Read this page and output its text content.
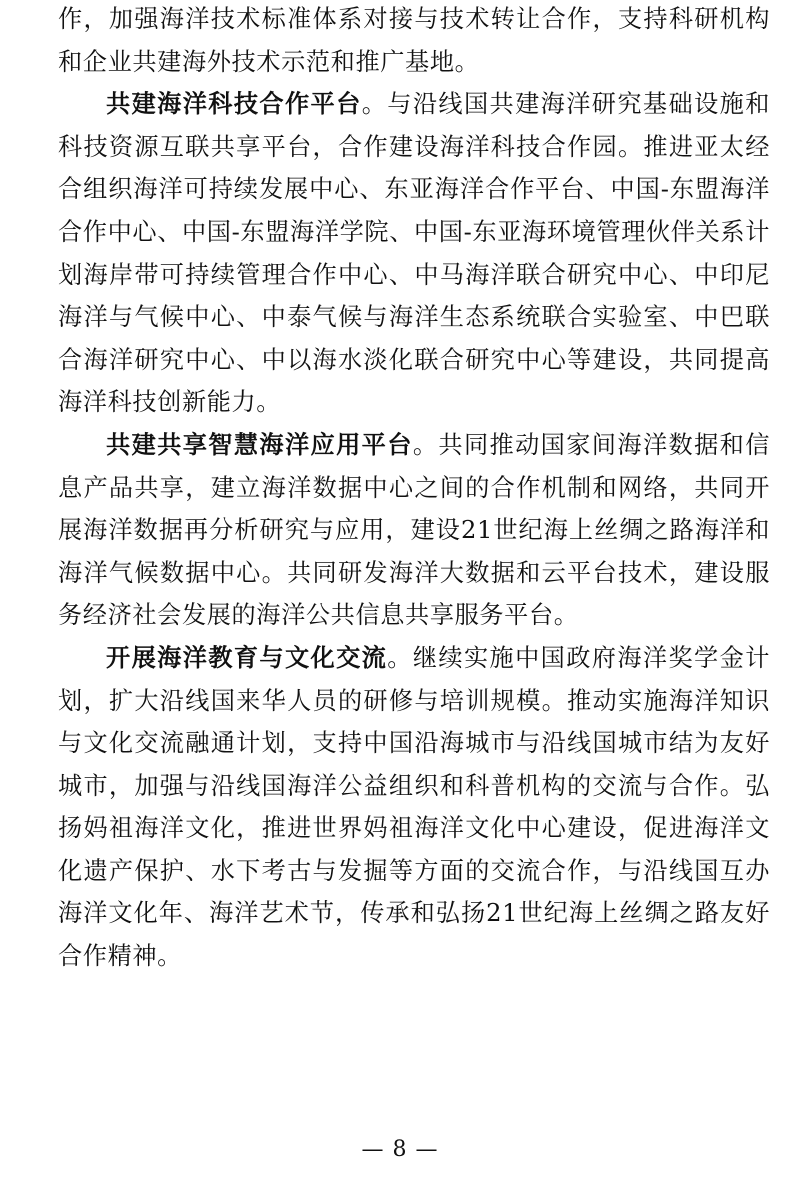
作，加强海洋技术标准体系对接与技术转让合作，支持科研机构和企业共建海外技术示范和推广基地。

共建海洋科技合作平台。与沿线国共建海洋研究基础设施和科技资源互联共享平台，合作建设海洋科技合作园。推进亚太经合组织海洋可持续发展中心、东亚海洋合作平台、中国-东盟海洋合作中心、中国-东盟海洋学院、中国-东亚海环境管理伙伴关系计划海岸带可持续管理合作中心、中马海洋联合研究中心、中印尼海洋与气候中心、中泰气候与海洋生态系统联合实验室、中巴联合海洋研究中心、中以海水淡化联合研究中心等建设，共同提高海洋科技创新能力。

共建共享智慧海洋应用平台。共同推动国家间海洋数据和信息产品共享，建立海洋数据中心之间的合作机制和网络，共同开展海洋数据再分析研究与应用，建设21世纪海上丝绸之路海洋和海洋气候数据中心。共同研发海洋大数据和云平台技术，建设服务经济社会发展的海洋公共信息共享服务平台。

开展海洋教育与文化交流。继续实施中国政府海洋奖学金计划，扩大沿线国来华人员的研修与培训规模。推动实施海洋知识与文化交流融通计划，支持中国沿海城市与沿线国城市结为友好城市，加强与沿线国海洋公益组织和科普机构的交流与合作。弘扬妈祖海洋文化，推进世界妈祖海洋文化中心建设，促进海洋文化遗产保护、水下考古与发掘等方面的交流合作，与沿线国互办海洋文化年、海洋艺术节，传承和弘扬21世纪海上丝绸之路友好合作精神。

— 8 —
